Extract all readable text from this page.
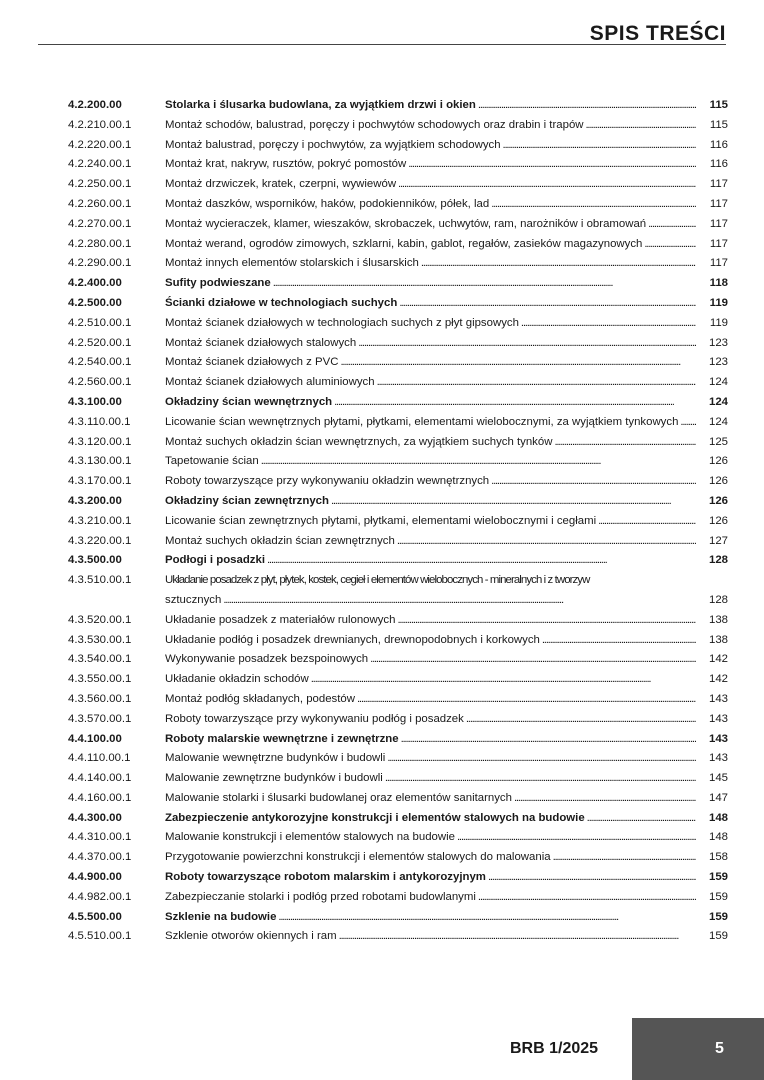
SPIS TREŚCI
4.2.200.00	Stolarka i ślusarka budowlana, za wyjątkiem drzwi i okien . . .	115
4.2.210.00.1	Montaż schodów, balustrad, poręczy i pochwytów schodowych oraz drabin i trapów . . .	115
4.2.220.00.1	Montaż balustrad, poręczy i pochwytów, za wyjątkiem schodowych . . .	116
4.2.240.00.1	Montaż krat, nakryw, rusztów, pokryć pomostów . . .	116
4.2.250.00.1	Montaż drzwiczek, kratek, czerpni, wywiewów . . .	117
4.2.260.00.1	Montaż daszków, wsporników, haków, podokienników, półek, lad . . .	117
4.2.270.00.1	Montaż wycieraczek, klamer, wieszaków, skrobaczek, uchwytów, ram, narożników i obramowań . . .	117
4.2.280.00.1	Montaż werand, ogrodów zimowych, szklarni, kabin, gablot, regałów, zasieków magazynowych . . .	117
4.2.290.00.1	Montaż innych elementów stolarskich i ślusarskich . . .	117
4.2.400.00	Sufity podwieszane . . .	118
4.2.500.00	Ścianki działowe w technologiach suchych . . .	119
4.2.510.00.1	Montaż ścianek działowych w technologiach suchych z płyt gipsowych . . .	119
4.2.520.00.1	Montaż ścianek działowych stalowych . . .	123
4.2.540.00.1	Montaż ścianek działowych z PVC . . .	123
4.2.560.00.1	Montaż ścianek działowych aluminiowych . . .	124
4.3.100.00	Okładziny ścian wewnętrznych . . .	124
4.3.110.00.1	Licowanie ścian wewnętrznych płytami, płytkami, elementami wielobocznymi, za wyjątkiem tynkowych . . .	124
4.3.120.00.1	Montaż suchych okładzin ścian wewnętrznych, za wyjątkiem suchych tynków . . .	125
4.3.130.00.1	Tapetowanie ścian . . .	126
4.3.170.00.1	Roboty towarzyszące przy wykonywaniu okładzin wewnętrznych . . .	126
4.3.200.00	Okładziny ścian zewnętrznych . . .	126
4.3.210.00.1	Licowanie ścian zewnętrznych płytami, płytkami, elementami wielobocznymi i cegłami . . .	126
4.3.220.00.1	Montaż suchych okładzin ścian zewnętrznych . . .	127
4.3.500.00	Podłogi i posadzki . . .	128
4.3.510.00.1	Układanie posadzek z płyt, płytek, kostek, cegieł i elementów wielobocznych - mineralnych i z tworzyw
sztucznych . . .	128
4.3.520.00.1	Układanie posadzek z materiałów rulonowych . . .	138
4.3.530.00.1	Układanie podłóg i posadzek drewnianych, drewnopodobnych i korkowych . . .	138
4.3.540.00.1	Wykonywanie posadzek bezspoinowych . . .	142
4.3.550.00.1	Układanie okładzin schodów . . .	142
4.3.560.00.1	Montaż podłóg składanych, podestów . . .	143
4.3.570.00.1	Roboty towarzyszące przy wykonywaniu podłóg i posadzek . . .	143
4.4.100.00	Roboty malarskie wewnętrzne i zewnętrzne . . .	143
4.4.110.00.1	Malowanie wewnętrzne budynków i budowli . . .	143
4.4.140.00.1	Malowanie zewnętrzne budynków i budowli . . .	145
4.4.160.00.1	Malowanie stolarki i ślusarki budowlanej oraz elementów sanitarnych . . .	147
4.4.300.00	Zabezpieczenie antykorozyjne konstrukcji i elementów stalowych na budowie . . .	148
4.4.310.00.1	Malowanie konstrukcji i elementów stalowych na budowie . . .	148
4.4.370.00.1	Przygotowanie powierzchni konstrukcji i elementów stalowych do malowania . . .	158
4.4.900.00	Roboty towarzyszące robotom malarskim i antykorozyjnym . . .	159
4.4.982.00.1	Zabezpieczanie stolarki i podłóg przed robotami budowlanymi . . .	159
4.5.500.00	Szklenie na budowie . . .	159
4.5.510.00.1	Szklenie otworów okiennych i ram . . .	159
BRB 1/2025	5
